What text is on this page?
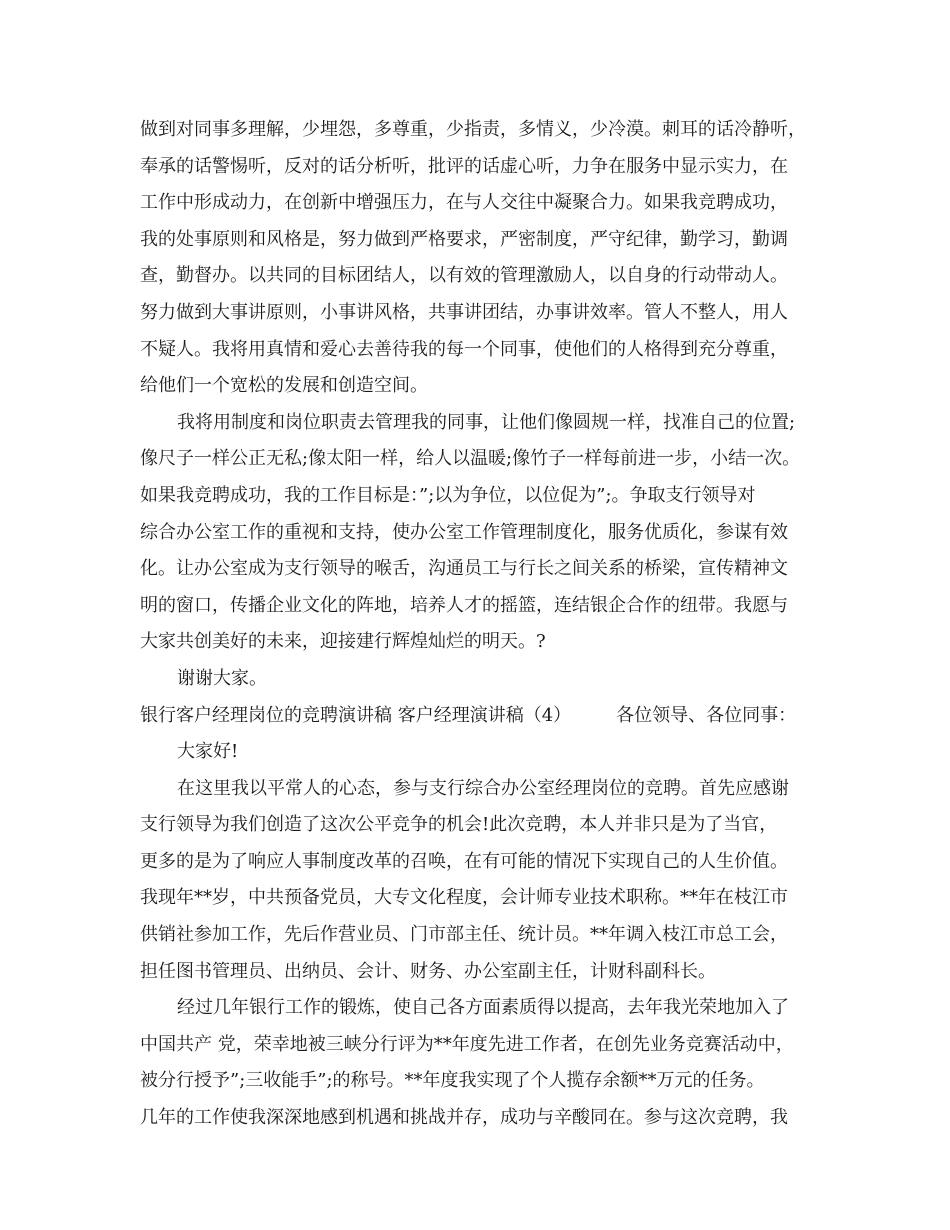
做到对同事多理解，少埋怨，多尊重，少指责，多情义，少冷漠。刺耳的话冷静听，
奉承的话警惕听，反对的话分析听，批评的话虚心听，力争在服务中显示实力，在
工作中形成动力，在创新中增强压力，在与人交往中凝聚合力。如果我竞聘成功，
我的处事原则和风格是，努力做到严格要求，严密制度，严守纪律，勤学习，勤调
查，勤督办。以共同的目标团结人，以有效的管理激励人，以自身的行动带动人。
努力做到大事讲原则，小事讲风格，共事讲团结，办事讲效率。管人不整人，用人
不疑人。我将用真情和爱心去善待我的每一个同事，使他们的人格得到充分尊重，
给他们一个宽松的发展和创造空间。
我将用制度和岗位职责去管理我的同事，让他们像圆规一样，找准自己的位置;
像尺子一样公正无私;像太阳一样，给人以温暖;像竹子一样每前进一步，小结一次。
如果我竞聘成功，我的工作目标是：”;以为争位，以位促为”;。争取支行领导对
综合办公室工作的重视和支持，使办公室工作管理制度化，服务优质化，参谋有效
化。让办公室成为支行领导的喉舌，沟通员工与行长之间关系的桥梁，宣传精神文
明的窗口，传播企业文化的阵地，培养人才的摇篮，连结银企合作的纽带。我愿与
大家共创美好的未来，迎接建行辉煌灿烂的明天。?
谢谢大家。
银行客户经理岗位的竞聘演讲稿 客户经理演讲稿（4）　　　各位领导、各位同事：
大家好!
在这里我以平常人的心态，参与支行综合办公室经理岗位的竞聘。首先应感谢
支行领导为我们创造了这次公平竞争的机会!此次竞聘，本人并非只是为了当官，
更多的是为了响应人事制度改革的召唤，在有可能的情况下实现自己的人生价值。
我现年**岁，中共预备党员，大专文化程度，会计师专业技术职称。**年在枝江市
供销社参加工作，先后作营业员、门市部主任、统计员。**年调入枝江市总工会，
担任图书管理员、出纳员、会计、财务、办公室副主任，计财科副科长。
经过几年银行工作的锻炼，使自己各方面素质得以提高，去年我光荣地加入了
中国共产 党，荣幸地被三峡分行评为**年度先进工作者，在创先业务竞赛活动中，
被分行授予”;三收能手”;的称号。**年度我实现了个人揽存余额**万元的任务。
几年的工作使我深深地感到机遇和挑战并存，成功与辛酸同在。参与这次竞聘，我
